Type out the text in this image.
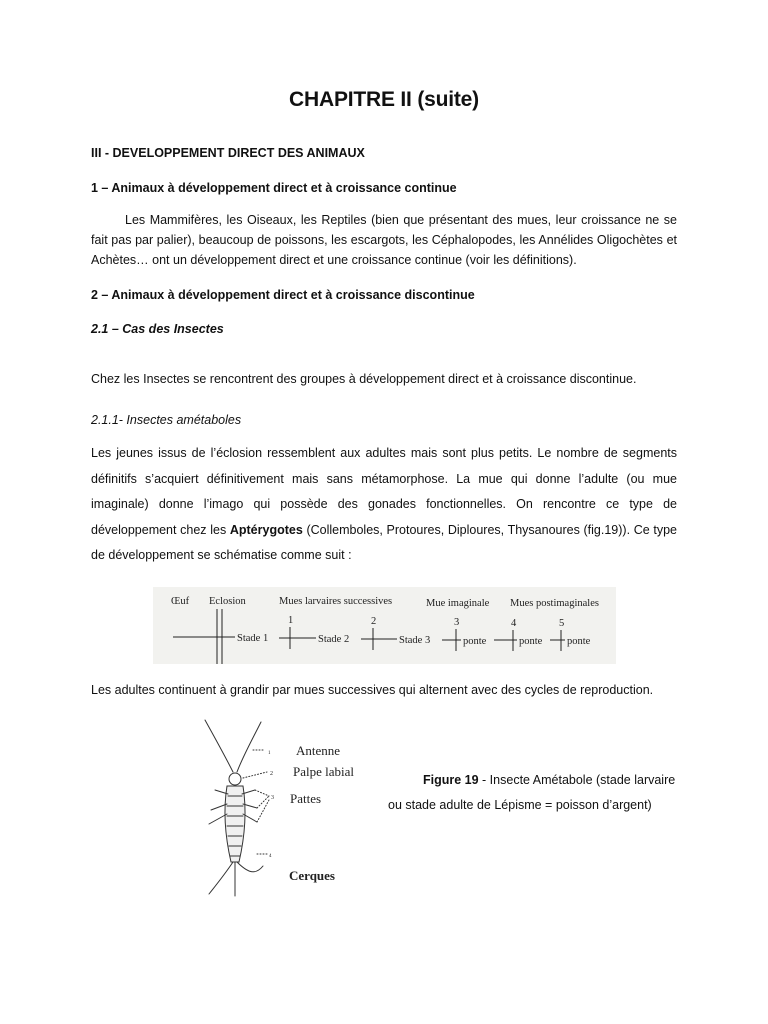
CHAPITRE II (suite)
III - DEVELOPPEMENT DIRECT DES ANIMAUX
1 – Animaux à développement direct et à croissance continue

Les Mammifères, les Oiseaux, les Reptiles (bien que présentant des mues, leur croissance ne se fait pas par palier), beaucoup de poissons, les escargots, les Céphalopodes, les Annélides Oligochètes et Achètes… ont un développement direct et une croissance continue (voir les définitions).

2 – Animaux à développement direct et à croissance discontinue
2.1 – Cas des Insectes
Chez les Insectes se rencontrent des groupes à développement direct et à croissance discontinue.
2.1.1- Insectes amétaboles

Les jeunes issus de l’éclosion ressemblent aux adultes mais sont plus petits. Le nombre de segments définitifs s’acquiert définitivement mais sans métamorphose. La mue qui donne l’adulte (ou mue imaginale) donne l’imago qui possède des gonades fonctionnelles. On rencontre ce type de développement chez les Aptérygotes (Collemboles, Protoures, Diploures, Thysanoures (fig.19)). Ce type de développement se schématise comme suit :

Œuf Eclosion	Mues larvaires successives	Mue imaginale Mues postimaginales
1	2	3	4	5
Stade 1	Stade 2	Stade 3	ponte	ponte ponte
Les adultes continuent à grandir par mues successives qui alternent avec des cycles de reproduction.
1
2
3
4
Antenne
Palpe labial
Pattes
Cerques
Figure 19 - Insecte Amétabole (stade larvaire
ou stade adulte de Lépisme = poisson d’argent)
